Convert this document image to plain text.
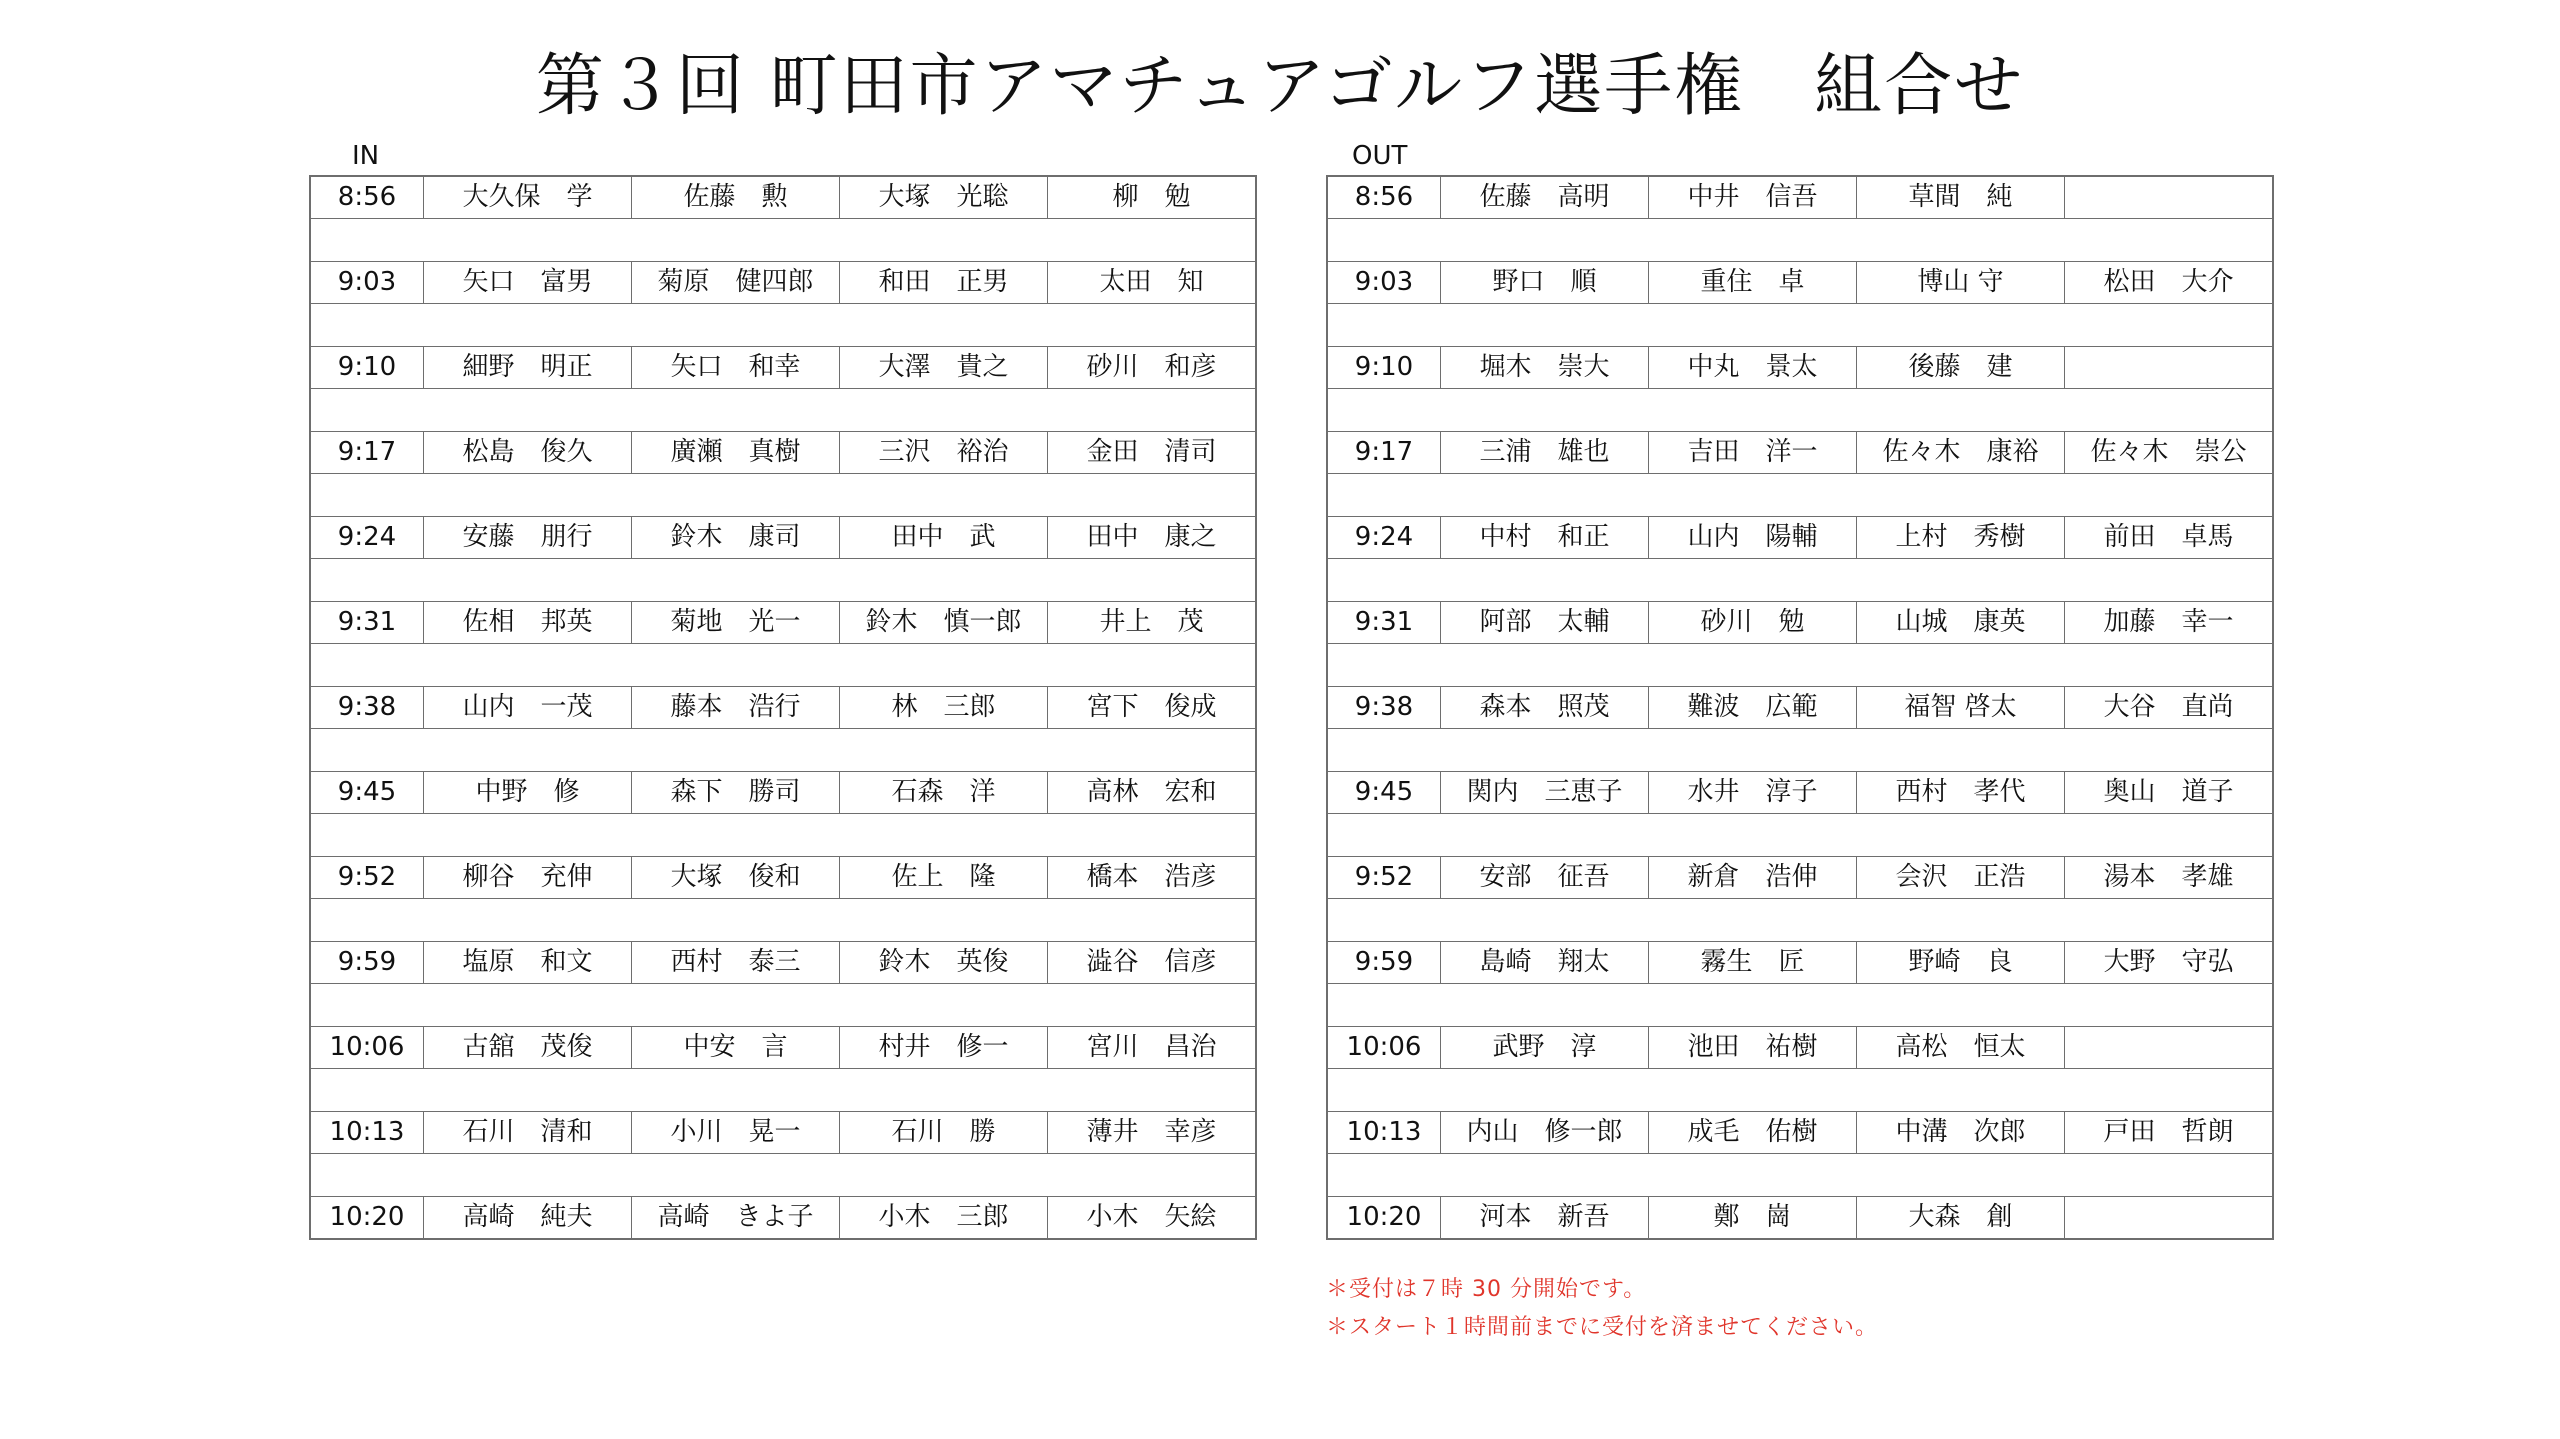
第３回 町田市アマチュアゴルフ選手権　組合せ
IN	OUT
8:56	大久保　学	佐藤　勲	大塚　光聡	柳　勉

9:03	矢口　富男	菊原　健四郎	和田　正男	太田　知

9:10	細野　明正	矢口　和幸	大澤　貴之	砂川　和彦

9:17	松島　俊久	廣瀬　真樹	三沢　裕治	金田　清司

9:24	安藤　朋行	鈴木　康司	田中　武	田中　康之

9:31	佐相　邦英	菊地　光一	鈴木　慎一郎	井上　茂

9:38	山内　一茂	藤本　浩行	林　三郎	宮下　俊成

9:45	中野　修	森下　勝司	石森　洋	高林　宏和

9:52	柳谷　充伸	大塚　俊和	佐上　隆	橋本　浩彦

9:59	塩原　和文	西村　泰三	鈴木　英俊	澁谷　信彦

10:06	古舘　茂俊	中安　言	村井　修一	宮川　昌治

10:13	石川　清和	小川　晃一	石川　勝	薄井　幸彦

10:20	高崎　純夫	高崎　きよ子	小木　三郎	小木　矢絵
8:56	佐藤　高明	中井　信吾	草間　純	

9:03	野口　順	重住　卓	博山 守	松田　大介

9:10	堀木　崇大	中丸　景太	後藤　建	

9:17	三浦　雄也	吉田　洋一	佐々木　康裕	佐々木　崇公

9:24	中村　和正	山内　陽輔	上村　秀樹	前田　卓馬

9:31	阿部　太輔	砂川　勉	山城　康英	加藤　幸一

9:38	森本　照茂	難波　広範	福智 啓太	大谷　直尚

9:45	関内　三恵子	水井　淳子	西村　孝代	奥山　道子

9:52	安部　征吾	新倉　浩伸	会沢　正浩	湯本　孝雄

9:59	島崎　翔太	霧生　匠	野崎　良	大野　守弘

10:06	武野　淳	池田　祐樹	高松　恒太	

10:13	内山　修一郎	成毛　佑樹	中溝　次郎	戸田　哲朗

10:20	河本　新吾	鄭　崗	大森　創	
＊受付は７時 30 分開始です。
＊スタート１時間前までに受付を済ませてください。
